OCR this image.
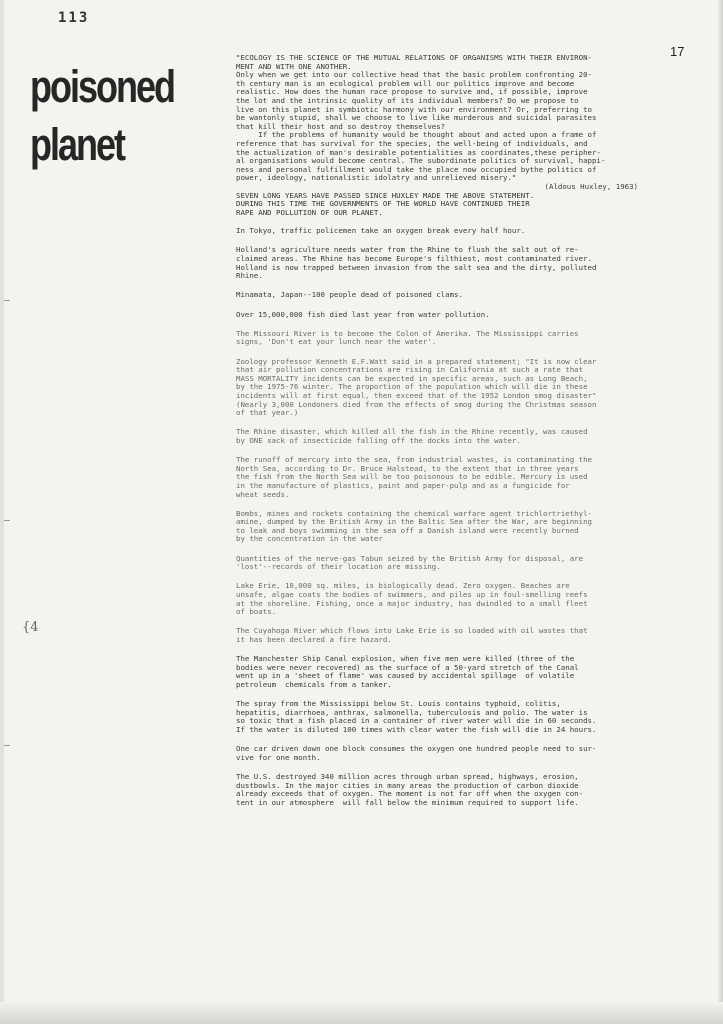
113
17
poisoned
planet
{4

"ECOLOGY IS THE SCIENCE OF THE MUTUAL RELATIONS OF ORGANISMS WITH THEIR ENVIRON-

MENT AND WITH ONE ANOTHER.

Only when we get into our collective head that the basic problem confronting 20-

th century man is an ecological problem will our politics improve and become

realistic. How does the human race propose to survive and, if possible, improve

the lot and the intrinsic quality of its individual members? Do we propose to

live on this planet in symbiotic harmony with our environment? Or, preferring to

be wantonly stupid, shall we choose to live like murderous and suicidal parasites

that kill their host and so destroy themselves?

If the problems of humanity would be thought about and acted upon a frame of

reference that has survival for the species, the well-being of individuals, and

the actualization of man's desirable potentialities as coordinates,these peripher-

al organisations would become central. The subordinate politics of survival, happi-

ness and personal fulfillment would take the place now occupied bythe politics of

power, ideology, nationalistic idolatry and unrelieved misery."

(Aldous Huxley, 1963)

SEVEN LONG YEARS HAVE PASSED SINCE HUXLEY MADE THE ABOVE STATEMENT.

DURING THIS TIME THE GOVERNMENTS OF THE WORLD HAVE CONTINUED THEIR

RAPE AND POLLUTION OF OUR PLANET.

In Tokyo, traffic policemen take an oxygen break every half hour.

Holland's agriculture needs water from the Rhine to flush the salt out of re-
claimed areas. The Rhine has become Europe's filthiest, most contaminated river.
Holland is now trapped between invasion from the salt sea and the dirty, polluted
Rhine.

Minamata, Japan--100 people dead of poisoned clams.

Over 15,000,000 fish died last year from water pollution.

The Missouri River is to become the Colon of Amerika. The Mississippi carries
signs, 'Don't eat your lunch near the water'.

Zoology professor Kenneth E.F.Watt said in a prepared statement; "It is now clear
that air pollution concentrations are rising in California at such a rate that
MASS MORTALITY incidents can be expected in specific areas, such as Long Beach,
by the 1975-76 winter. The proportion of the population which will die in these
incidents will at first equal, then exceed that of the 1952 London smog disaster"
(Nearly 3,000 Londoners died from the effects of smog during the Christmas season
of that year.)

The Rhine disaster, which killed all the fish in the Rhine recently, was caused
by ONE sack of insecticide falling off the docks into the water.

The runoff of mercury into the sea, from industrial wastes, is contaminating the
North Sea, according to Dr. Bruce Halstead, to the extent that in three years
the fish from the North Sea will be too poisonous to be edible. Mercury is used
in the manufacture of plastics, paint and paper-pulp and as a fungicide for
wheat seeds.

Bombs, mines and rockets containing the chemical warfare agent trichlortriethyl-
amine, dumped by the British Army in the Baltic Sea after the War, are beginning
to leak and boys swimming in the sea off a Danish island were recently burned
by the concentration in the water

Quantities of the nerve-gas Tabun seized by the British Army for disposal, are
'lost'--records of their location are missing.

Lake Erie, 10,000 sq. miles, is biologically dead. Zero oxygen. Beaches are
unsafe, algae coats the bodies of swimmers, and piles up in foul-smelling reefs
at the shoreline. Fishing, once a major industry, has dwindled to a small fleet
of boats.

The Cuyahoga River which flows into Lake Erie is so loaded with oil wastes that
it has been declared a fire hazard.

The Manchester Ship Canal explosion, when five men were killed (three of the
bodies were never recovered) as the surface of a 50-yard stretch of the Canal
went up in a 'sheet of flame' was caused by accidental spillage  of volatile
petroleum  chemicals from a tanker.

The spray from the Mississippi below St. Louis contains typhoid, colitis,
hepatitis, diarrhoea, anthrax, salmonella, tuberculosis and polio. The water is
so toxic that a fish placed in a container of river water will die in 60 seconds.
If the water is diluted 100 times with clear water the fish will die in 24 hours.

One car driven down one block consumes the oxygen one hundred people need to sur-
vive for one month.

The U.S. destroyed 340 million acres through urban spread, highways, erosion,
dustbowls. In the major cities in many areas the production of carbon dioxide
already exceeds that of oxygen. The moment is not far off when the oxygen con-
tent in our atmosphere  will fall below the minimum required to support life.
